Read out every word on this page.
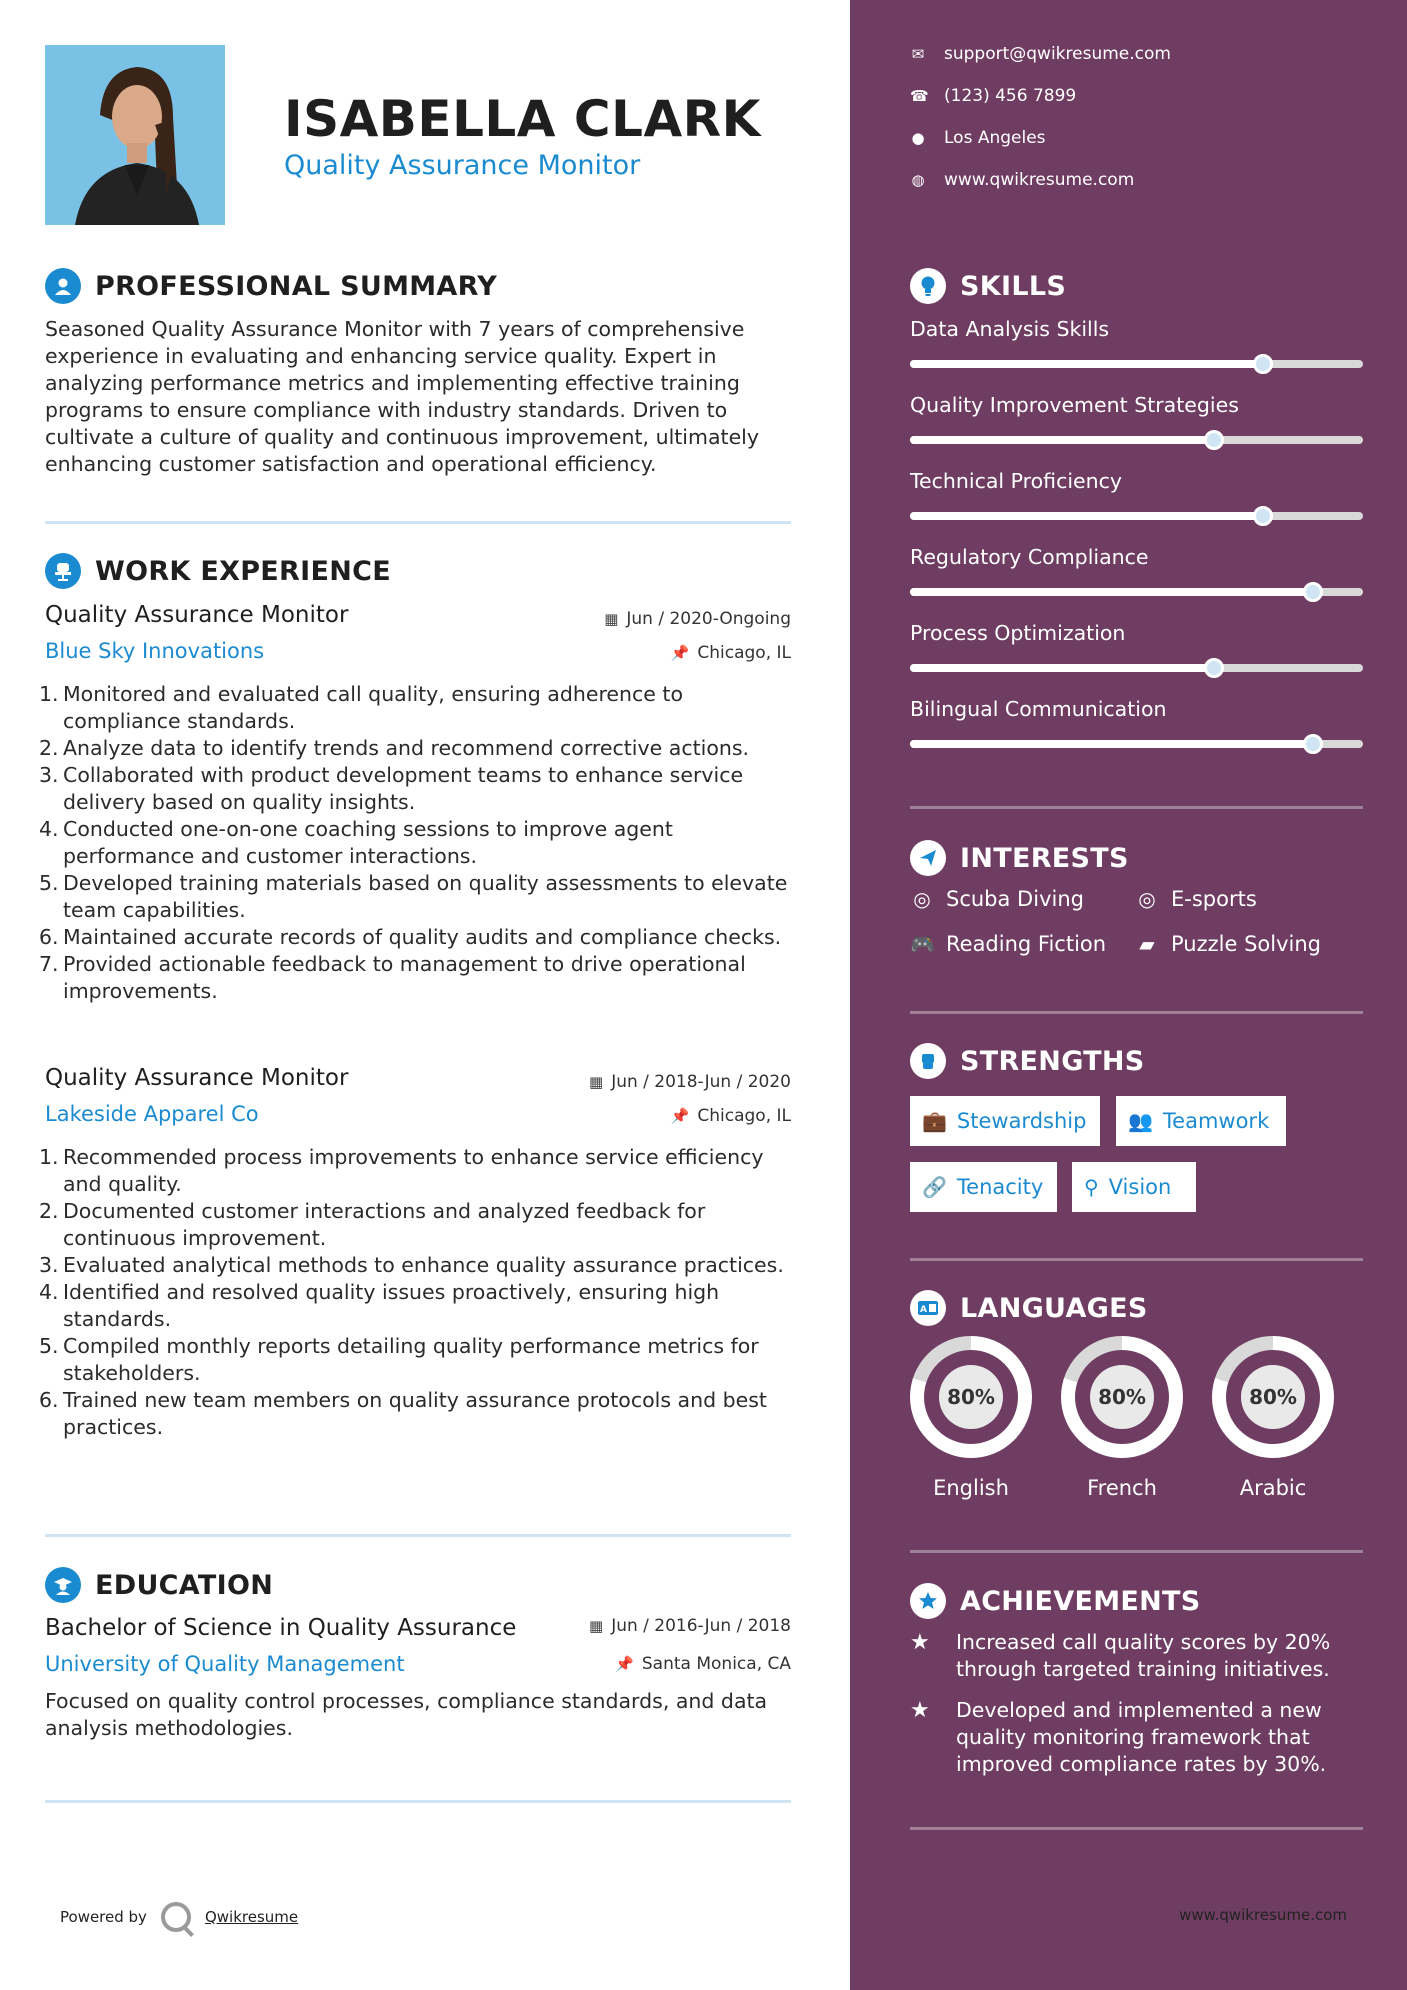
ISABELLA CLARK
Quality Assurance Monitor
PROFESSIONAL SUMMARY
Seasoned Quality Assurance Monitor with 7 years of comprehensive experience in evaluating and enhancing service quality. Expert in analyzing performance metrics and implementing effective training programs to ensure compliance with industry standards. Driven to cultivate a culture of quality and continuous improvement, ultimately enhancing customer satisfaction and operational efficiency.
WORK EXPERIENCE
Quality Assurance Monitor	▦ Jun / 2020-Ongoing
Blue Sky Innovations	📌 Chicago, IL
1. Monitored and evaluated call quality, ensuring adherence to compliance standards.
2. Analyze data to identify trends and recommend corrective actions.
3. Collaborated with product development teams to enhance service delivery based on quality insights.
4. Conducted one-on-one coaching sessions to improve agent performance and customer interactions.
5. Developed training materials based on quality assessments to elevate team capabilities.
6. Maintained accurate records of quality audits and compliance checks.
7. Provided actionable feedback to management to drive operational improvements.
Quality Assurance Monitor	▦ Jun / 2018-Jun / 2020
Lakeside Apparel Co	📌 Chicago, IL
1. Recommended process improvements to enhance service efficiency and quality.
2. Documented customer interactions and analyzed feedback for continuous improvement.
3. Evaluated analytical methods to enhance quality assurance practices.
4. Identified and resolved quality issues proactively, ensuring high standards.
5. Compiled monthly reports detailing quality performance metrics for stakeholders.
6. Trained new team members on quality assurance protocols and best practices.
EDUCATION
Bachelor of Science in Quality Assurance	▦ Jun / 2016-Jun / 2018
University of Quality Management	📌 Santa Monica, CA
Focused on quality control processes, compliance standards, and data analysis methodologies.
Powered by	Qwikresume
✉ support@qwikresume.com
☎ (123) 456 7899
● Los Angeles
◍ www.qwikresume.com
SKILLS
Data Analysis Skills
Quality Improvement Strategies
Technical Proficiency
Regulatory Compliance
Process Optimization
Bilingual Communication
INTERESTS
◎ Scuba Diving	◎ E-sports
🎮 Reading Fiction ▰ Puzzle Solving
STRENGTHS
💼 Stewardship 👥 Teamwork
🔗 Tenacity ⚲ Vision
A LANGUAGES
80%
English
80%
French
80%
Arabic
ACHIEVEMENTS
★	Increased call quality scores by 20% through targeted training initiatives.
★	Developed and implemented a new quality monitoring framework that improved compliance rates by 30%.
www.qwikresume.com
